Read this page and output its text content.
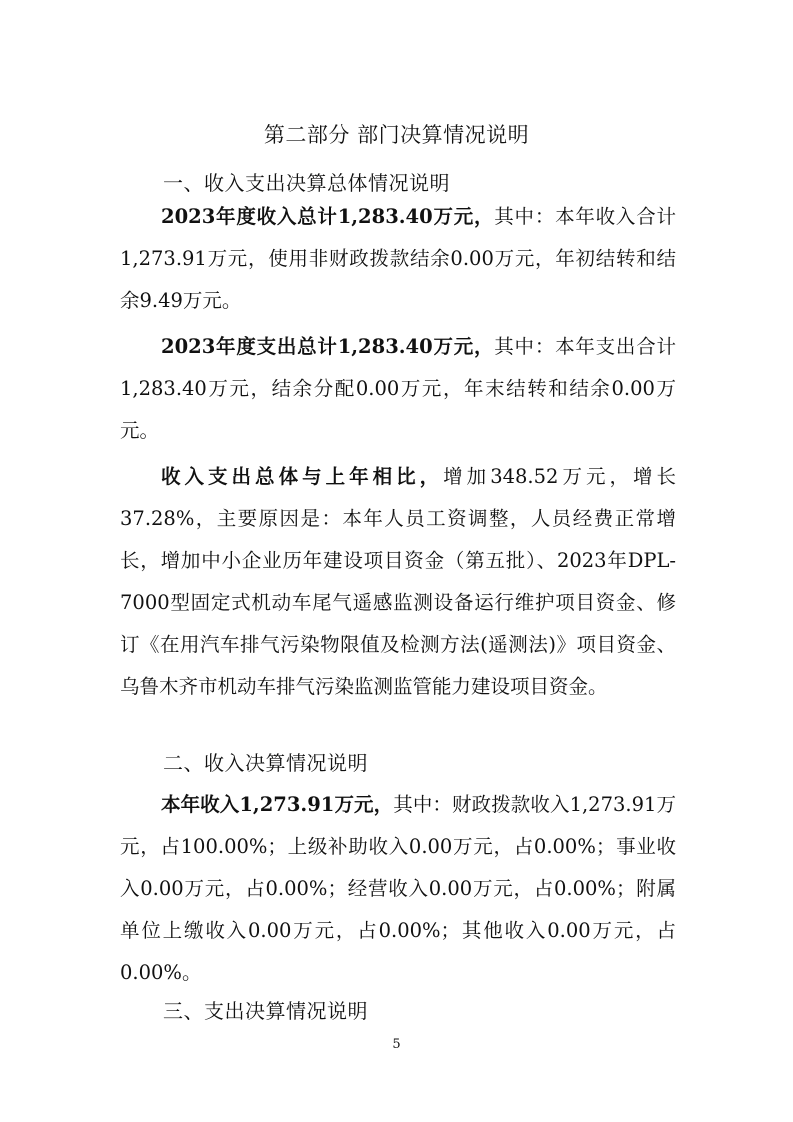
第二部分 部门决算情况说明
一、收入支出决算总体情况说明

2023年度收入总计1,283.40万元，其中：本年收入合计1,273.91万元，使用非财政拨款结余0.00万元，年初结转和结余9.49万元。

2023年度支出总计1,283.40万元，其中：本年支出合计1,283.40万元，结余分配0.00万元，年末结转和结余0.00万元。

收入支出总体与上年相比，增加348.52万元，增长37.28%，主要原因是：本年人员工资调整，人员经费正常增长，增加中小企业历年建设项目资金（第五批）、2023年DPL-7000型固定式机动车尾气遥感监测设备运行维护项目资金、修订《在用汽车排气污染物限值及检测方法(遥测法)》项目资金、乌鲁木齐市机动车排气污染监测监管能力建设项目资金。

二、收入决算情况说明

本年收入1,273.91万元，其中：财政拨款收入1,273.91万元，占100.00%；上级补助收入0.00万元，占0.00%；事业收入0.00万元，占0.00%；经营收入0.00万元，占0.00%；附属单位上缴收入0.00万元，占0.00%；其他收入0.00万元，占0.00%。

三、支出决算情况说明
5
